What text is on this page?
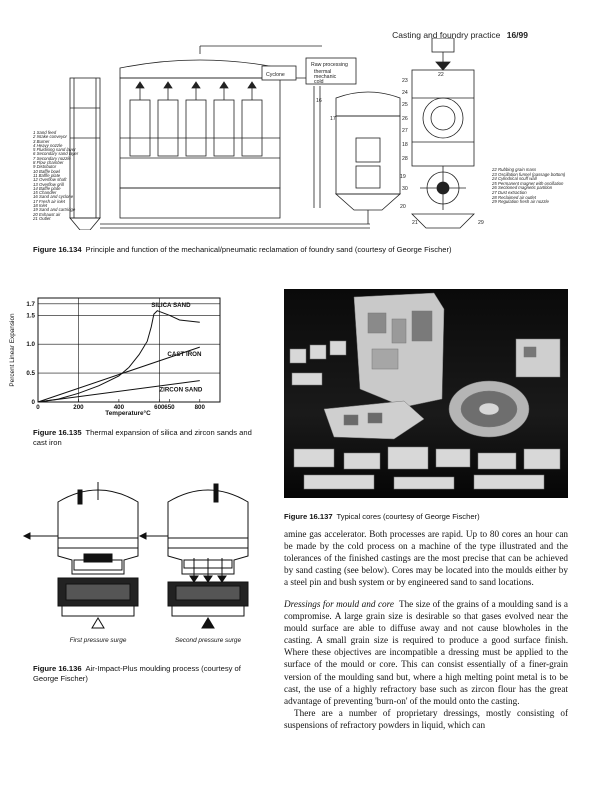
Casting and foundry practice 16/99
Raw processing
thermal
mechanic
cold
Cyclone
16
17
18
19
20
21
22
23
24
25
26
27
28
29
30
1 Sand feed
2 Intake conveyor
3 Burner
4 Heavy nozzle
5 Fluidising sand layer
6 Secondary sand layer
7 Secondary nozzle
8 Flow chamber
9 Distributor
10 Baffle bowl
11 Baffle plate
12 Overflow shaft
13 Overflow grill
14 Baffle plate
15 Chandler
16 Sand and cyclone
17 Fresh air inlet
18 Inlet
19 Sand and cartridge
20 Exhaust air
21 Outlet
22 Rubbing grain mass
23 Oscillation funnel (passage bottom)
24 Cylindrical scuff wall
25 Permanent magnet with oscillation
26 Sectioned magnetic partition
27 Dust extraction
28 Reclaimed air outlet
29 Regulation fresh air nozzle
Figure 16.134 Principle and function of the mechanical/pneumatic reclamation of foundry sand (courtesy of George Fischer)
0
0.5
1.0
1.5
1.7
0	200	400	600 650	800
SILICA SAND
CAST IRON
ZIRCON SAND
Percent Linear Expansion
Temperature°C
Figure 16.135 Thermal expansion of silica and zircon sands and cast iron
Figure 16.137 Typical cores (courtesy of George Fischer)
First pressure surge	Second pressure surge
Figure 16.136 Air-Impact-Plus moulding process (courtesy of George Fischer)

amine gas accelerator. Both processes are rapid. Up to 80 cores an hour can be made by the cold process on a machine of the type illustrated and the tolerances of the finished castings are the most precise that can be achieved by sand casting (see below). Cores may be located into the moulds either by a steel pin and bush system or by engineered sand to sand locations.

Dressings for mould and core The size of the grains of a moulding sand is a compromise. A large grain size is desirable so that gases evolved near the mould surface are able to diffuse away and not cause blowholes in the casting. A small grain size is required to produce a good surface finish. Where these objectives are incompatible a dressing must be applied to the surface of the mould or core. This can consist essentially of a finer-grain version of the moulding sand but, where a high melting point metal is to be cast, the use of a highly refractory base such as zircon flour has the great advantage of preventing 'burn-on' of the mould onto the casting.

There are a number of proprietary dressings, mostly consisting of suspensions of refractory powders in liquid, which can
